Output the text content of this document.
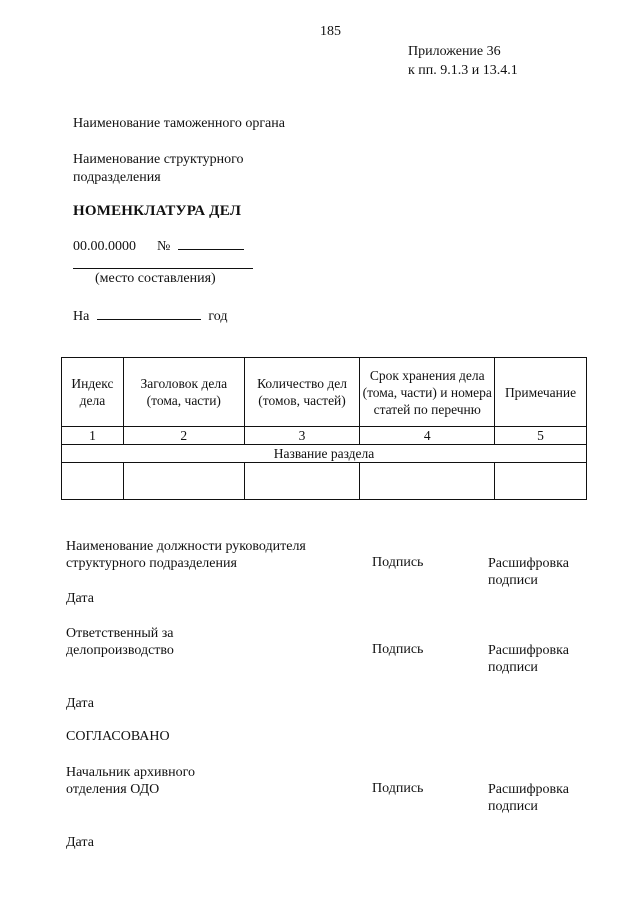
185
Приложение 36
к пп. 9.1.3 и 13.4.1
Наименование таможенного органа
Наименование структурного подразделения
НОМЕНКЛАТУРА ДЕЛ
00.00.0000 №
(место составления)
На	год
Индекс дела	Заголовок дела (тома, части)	Количество дел (томов, частей)	Срок хранения дела (тома, части) и номера статей по перечню	Примечание
1	2	3	4	5
Название раздела				

Наименование должности руководителя структурного подразделения	Подпись	Расшифровка подписи
Дата
Ответственный за делопроизводство	Подпись	Расшифровка подписи
Дата
СОГЛАСОВАНО
Начальник архивного отделения ОДО	Подпись	Расшифровка подписи
Дата
